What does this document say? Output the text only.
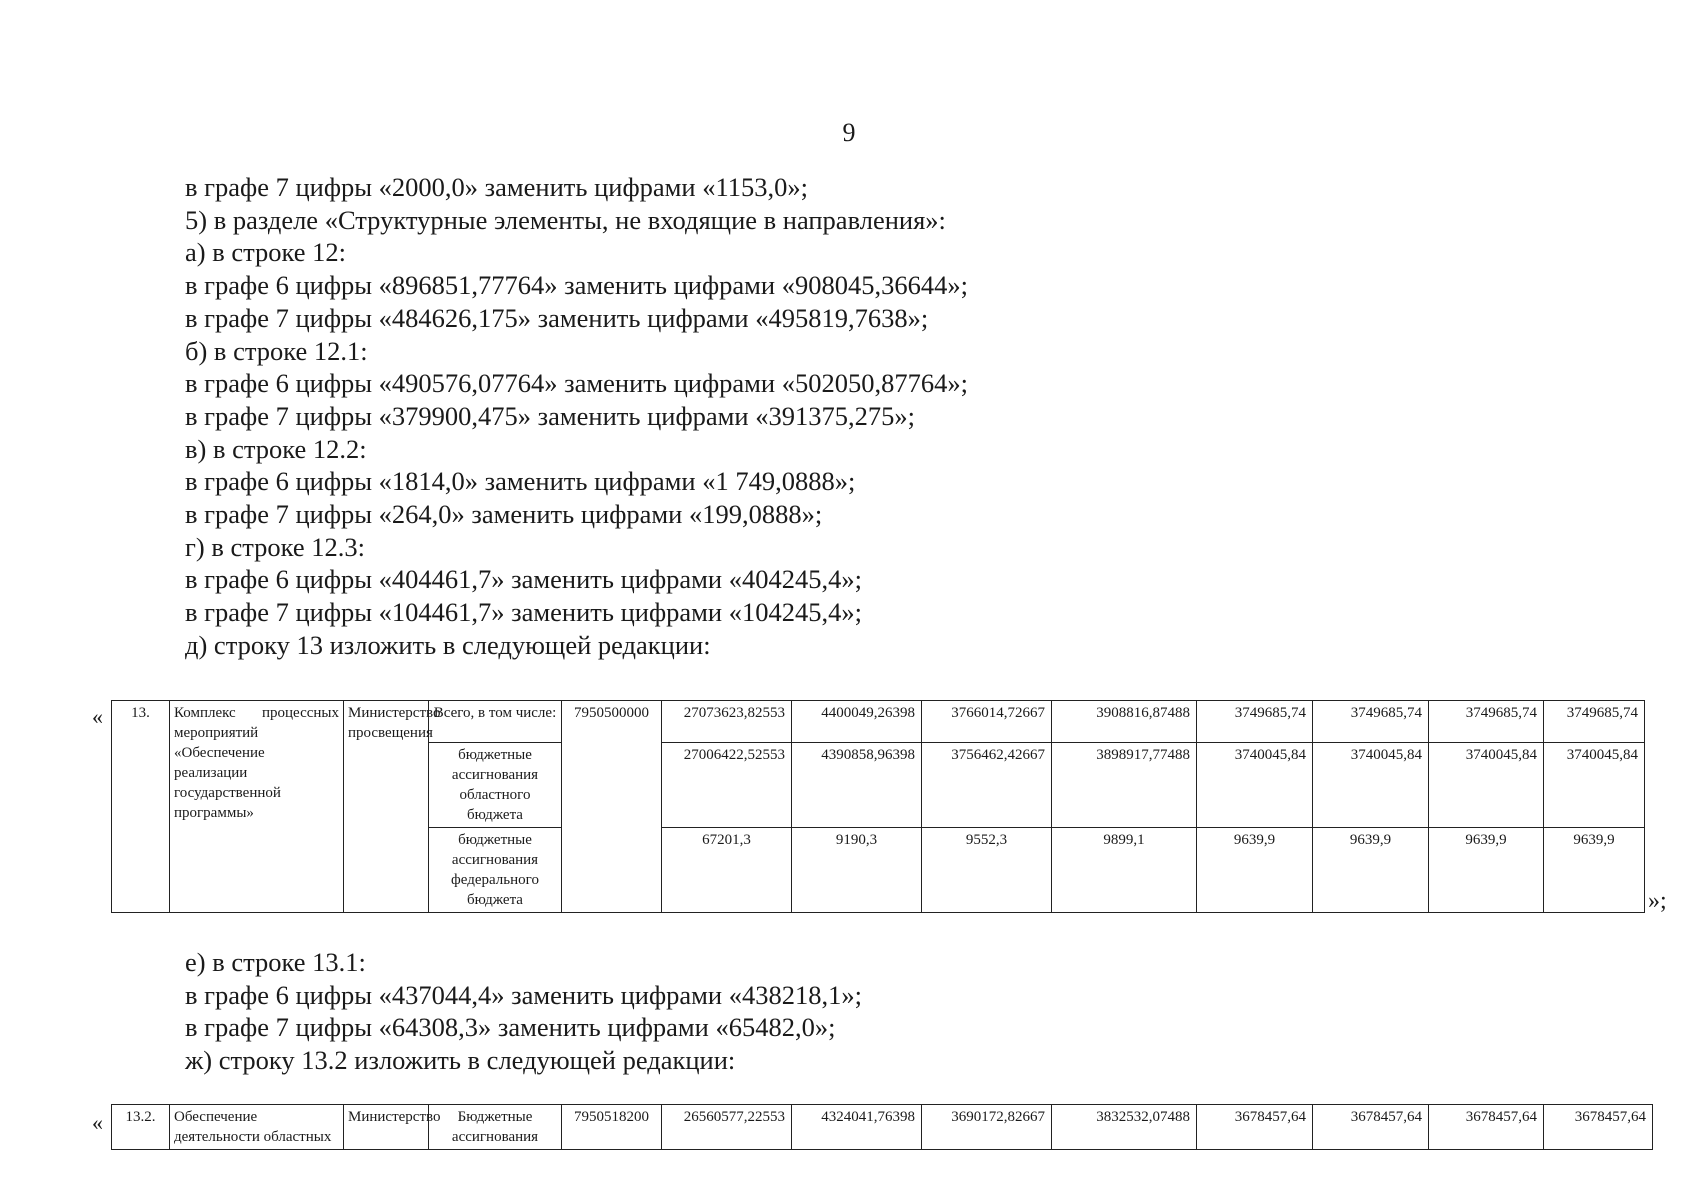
9
в графе 7 цифры «2000,0» заменить цифрами «1153,0»;
5) в разделе «Структурные элементы, не входящие в направления»:
а) в строке 12:
в графе 6 цифры «896851,77764» заменить цифрами «908045,36644»;
в графе 7 цифры «484626,175» заменить цифрами «495819,7638»;
б) в строке 12.1:
в графе 6 цифры «490576,07764» заменить цифрами «502050,87764»;
в графе 7 цифры «379900,475» заменить цифрами «391375,275»;
в) в строке 12.2:
в графе 6 цифры «1814,0» заменить цифрами «1 749,0888»;
в графе 7 цифры «264,0» заменить цифрами «199,0888»;
г) в строке 12.3:
в графе 6 цифры «404461,7» заменить цифрами «404245,4»;
в графе 7 цифры «104461,7» заменить цифрами «104245,4»;
д) строку 13 изложить в следующей редакции:
« 13.	Комплекс процессных мероприятий «Обеспечение реализации государственной программы»	Министерство просвещения	Всего, в том числе:	7950500000	27073623,82553	4400049,26398	3766014,72667	3908816,87488	3749685,74	3749685,74	3749685,74	3749685,74
			бюджетные ассигнования областного бюджета		27006422,52553	4390858,96398	3756462,42667	3898917,77488	3740045,84	3740045,84	3740045,84	3740045,84
			бюджетные ассигнования федерального бюджета		67201,3	9190,3	9552,3	9899,1	9639,9	9639,9	9639,9	9639,9
»;
е) в строке 13.1:
в графе 6 цифры «437044,4» заменить цифрами «438218,1»;
в графе 7 цифры «64308,3» заменить цифрами «65482,0»;
ж) строку 13.2 изложить в следующей редакции:
« 13.2.	Обеспечение деятельности областных	Министерство	Бюджетные ассигнования	7950518200	26560577,22553	4324041,76398	3690172,82667	3832532,07488	3678457,64	3678457,64	3678457,64	3678457,64
